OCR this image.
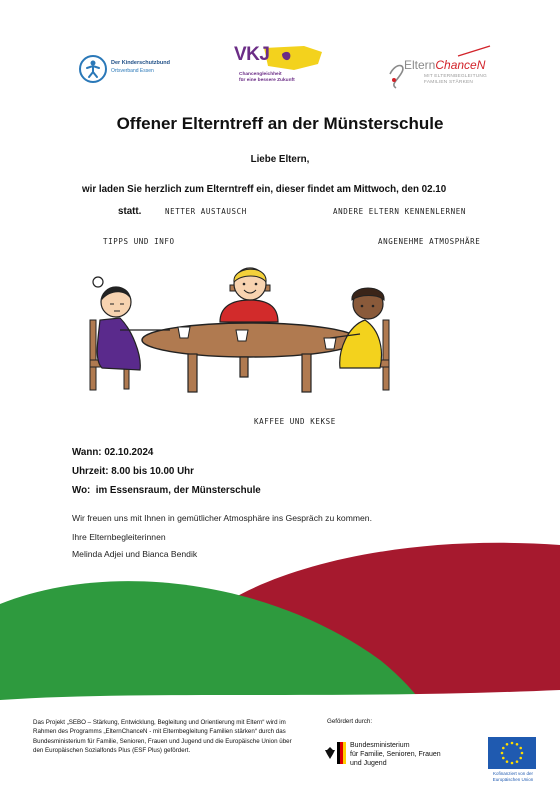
Der Kinderschutzbund
Ortsverband Essen
VKJ
Chancengleichheit
für eine bessere Zukunft
ElternChanceN
MIT ELTERNBEGLEITUNG
FAMILIEN STÄRKEN
Offener Elterntreff an der Münsterschule
Liebe Eltern,
wir laden Sie herzlich zum Elterntreff ein, dieser findet am Mittwoch, den 02.10
statt.	NETTER AUSTAUSCH	ANDERE ELTERN KENNENLERNEN
TIPPS UND INFO	ANGENEHME ATMOSPHÄRE
KAFFEE UND KEKSE
Wann: 02.10.2024
Uhrzeit: 8.00 bis 10.00 Uhr
Wo: im Essensraum, der Münsterschule
Wir freuen uns mit Ihnen in gemütlicher Atmosphäre ins Gespräch zu kommen.
Ihre Elternbegleiterinnen
Melinda Adjei und Bianca Bendik
Das Projekt „SEBO – Stärkung, Entwicklung, Begleitung und Orientierung mit Eltern“ wird im Rahmen des Programms „ElternChanceN - mit Elternbegleitung Familien stärken“ durch das Bundesministerium für Familie, Senioren, Frauen und Jugend und die Europäische Union über den Europäischen Sozialfonds Plus (ESF Plus) gefördert.
Gefördert durch:
Bundesministerium
für Familie, Senioren, Frauen
und Jugend
Kofinanziert von der
Europäischen Union
